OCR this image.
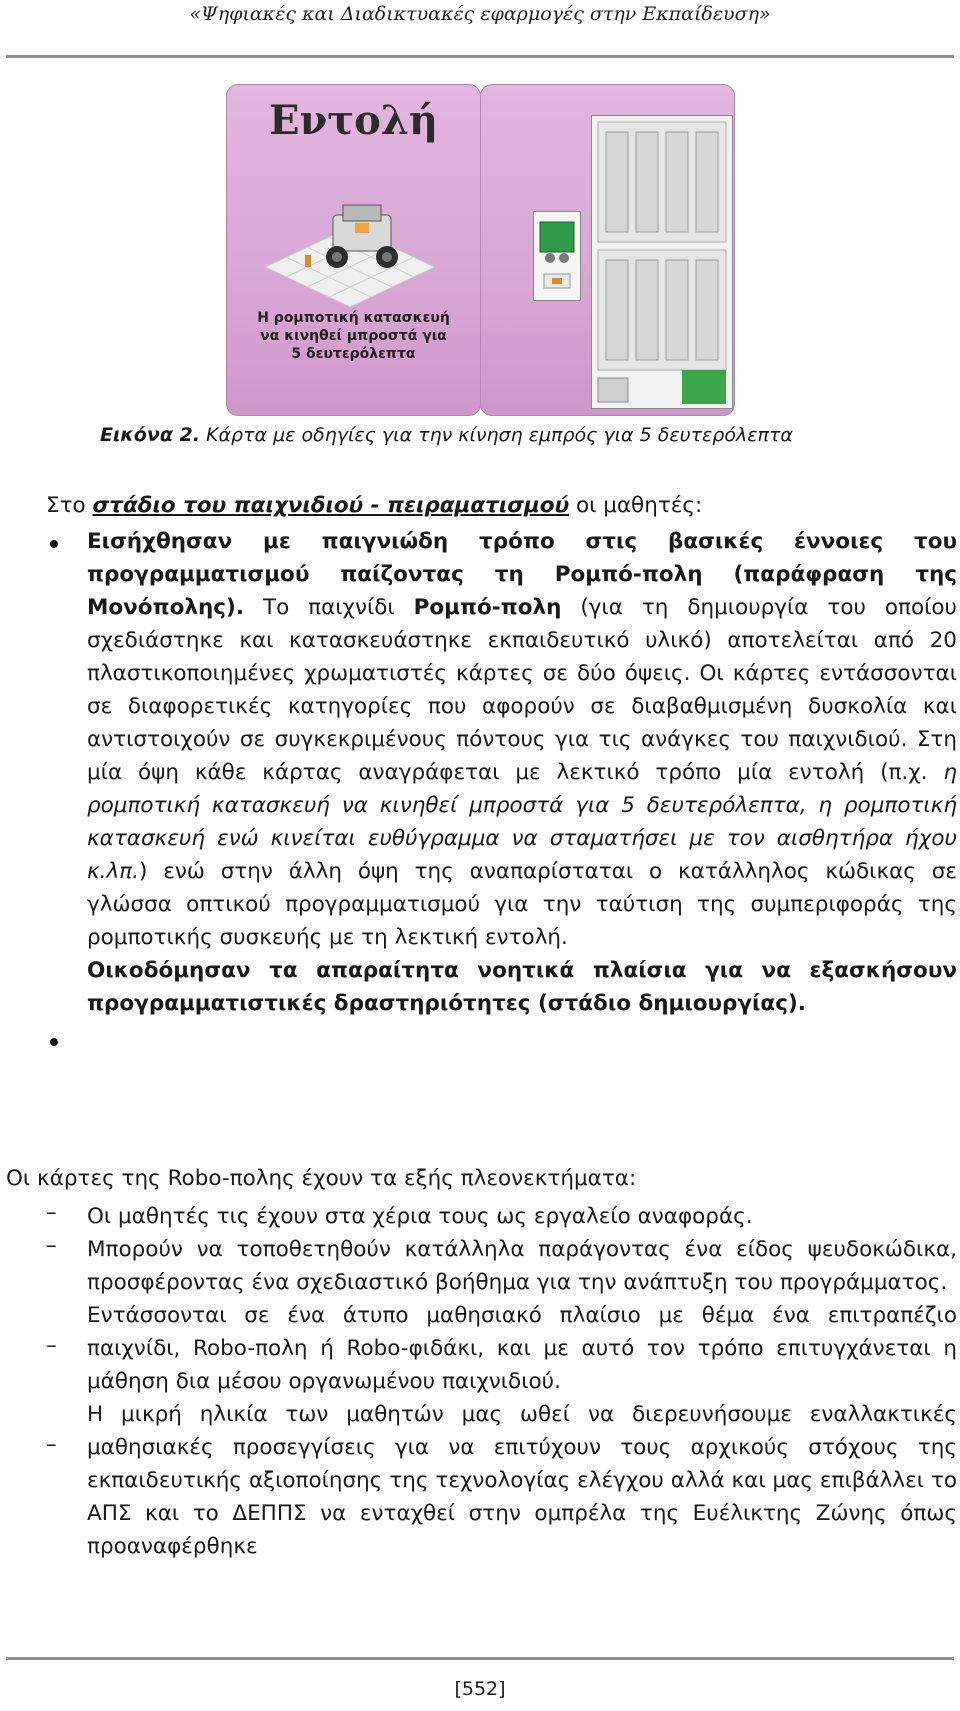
«Ψηφιακές και Διαδικτυακές εφαρμογές στην Εκπαίδευση»
Εντολή
Η ρομποτική κατασκευή
να κινηθεί μπροστά για
5 δευτερόλεπτα
Εικόνα 2. Κάρτα με οδηγίες για την κίνηση εμπρός για 5 δευτερόλεπτα
Στο στάδιο του παιχνιδιού - πειραματισμού οι μαθητές:
Εισήχθησαν με παιγνιώδη τρόπο στις βασικές έννοιες του προγραμματισμού παίζοντας τη Ρομπό-πολη (παράφραση της Μονόπολης). Το παιχνίδι Ρομπό-πολη (για τη δημιουργία του οποίου σχεδιάστηκε και κατασκευάστηκε εκπαιδευτικό υλικό) αποτελείται από 20 πλαστικοποιημένες χρωματιστές κάρτες σε δύο όψεις. Οι κάρτες εντάσσονται σε διαφορετικές κατηγορίες που αφορούν σε διαβαθμισμένη δυσκολία και αντιστοιχούν σε συγκεκριμένους πόντους για τις ανάγκες του παιχνιδιού. Στη μία όψη κάθε κάρτας αναγράφεται με λεκτικό τρόπο μία εντολή (π.χ. η ρομποτική κατασκευή να κινηθεί μπροστά για 5 δευτερόλεπτα, η ρομποτική κατασκευή ενώ κινείται ευθύγραμμα να σταματήσει με τον αισθητήρα ήχου κ.λπ.) ενώ στην άλλη όψη της αναπαρίσταται ο κατάλληλος κώδικας σε γλώσσα οπτικού προγραμματισμού για την ταύτιση της συμπεριφοράς της ρομποτικής συσκευής με τη λεκτική εντολή.
Οικοδόμησαν τα απαραίτητα νοητικά πλαίσια για να εξασκήσουν προγραμματιστικές δραστηριότητες (στάδιο δημιουργίας).
Οι κάρτες της Robo-πολης έχουν τα εξής πλεονεκτήματα:
–
–
–
–
Οι μαθητές τις έχουν στα χέρια τους ως εργαλείο αναφοράς.
Μπορούν να τοποθετηθούν κατάλληλα παράγοντας ένα είδος ψευδοκώδικα, προσφέροντας ένα σχεδιαστικό βοήθημα για την ανάπτυξη του προγράμματος.
Εντάσσονται σε ένα άτυπο μαθησιακό πλαίσιο με θέμα ένα επιτραπέζιο παιχνίδι, Robo-πολη ή Robo-φιδάκι, και με αυτό τον τρόπο επιτυγχάνεται η μάθηση δια μέσου οργανωμένου παιχνιδιού.
Η μικρή ηλικία των μαθητών μας ωθεί να διερευνήσουμε εναλλακτικές μαθησιακές προσεγγίσεις για να επιτύχουν τους αρχικούς στόχους της εκπαιδευτικής αξιοποίησης της τεχνολογίας ελέγχου αλλά και μας επιβάλλει το ΑΠΣ και το ΔΕΠΠΣ να ενταχθεί στην ομπρέλα της Ευέλικτης Ζώνης όπως προαναφέρθηκε
[552]
